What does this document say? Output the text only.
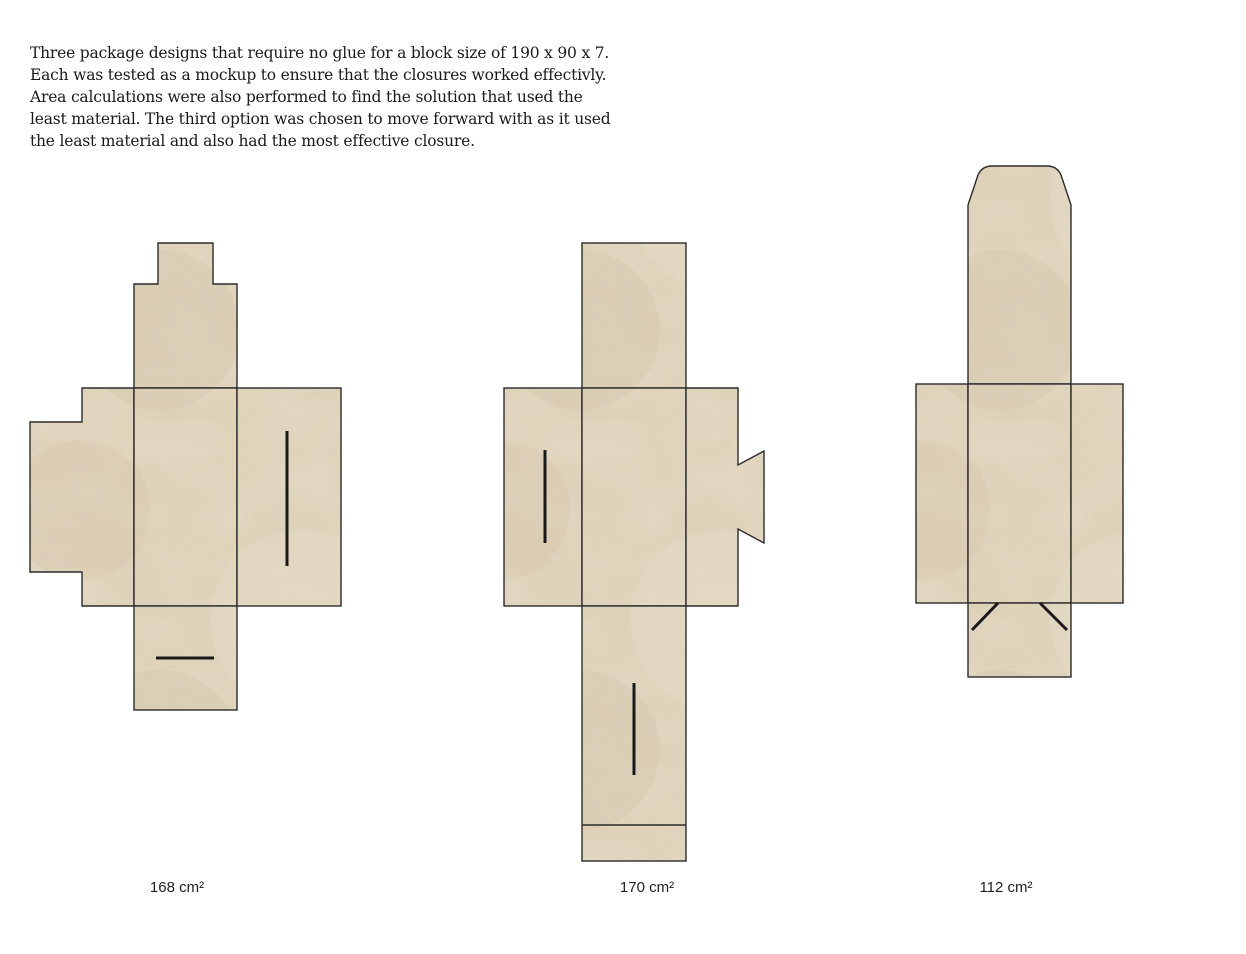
Three package designs that require no glue for a block size of 190 x 90 x 7.
Each was tested as a mockup to ensure that the closures worked effectivly.
Area calculations were also performed to find the solution that used the
least material. The third option was chosen to move forward with as it used
the least material and also had the most effective closure.

168 cm²	170 cm²	112 cm²
